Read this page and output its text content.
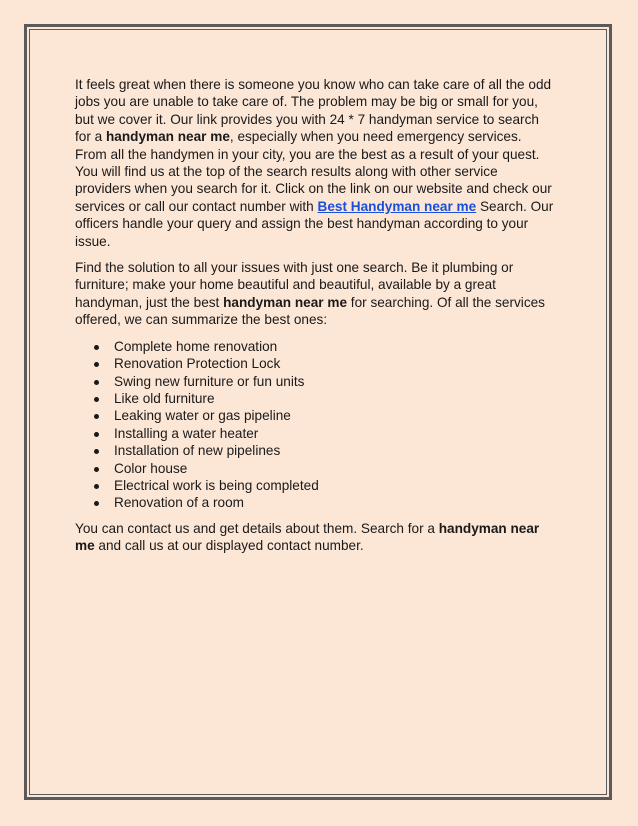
It feels great when there is someone you know who can take care of all the odd jobs you are unable to take care of. The problem may be big or small for you, but we cover it. Our link provides you with 24 * 7 handyman service to search for a handyman near me, especially when you need emergency services. From all the handymen in your city, you are the best as a result of your quest. You will find us at the top of the search results along with other service providers when you search for it. Click on the link on our website and check our services or call our contact number with Best Handyman near me Search. Our officers handle your query and assign the best handyman according to your issue.

Find the solution to all your issues with just one search. Be it plumbing or furniture; make your home beautiful and beautiful, available by a great handyman, just the best handyman near me for searching. Of all the services offered, we can summarize the best ones:

Complete home renovation
Renovation Protection Lock
Swing new furniture or fun units
Like old furniture
Leaking water or gas pipeline
Installing a water heater
Installation of new pipelines
Color house
Electrical work is being completed
Renovation of a room

You can contact us and get details about them. Search for a handyman near me and call us at our displayed contact number.
